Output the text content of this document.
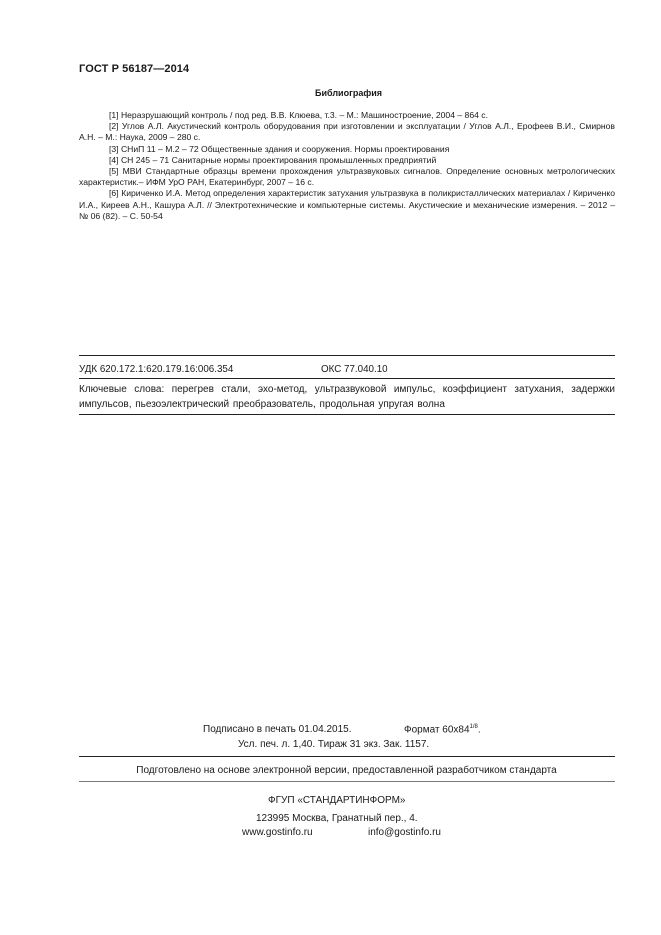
ГОСТ Р 56187—2014
Библиография

[1] Неразрушающий контроль / под ред. В.В. Клюева, т.3. – М.: Машиностроение, 2004 – 864 с.

[2] Углов А.Л. Акустический контроль оборудования при изготовлении и эксплуатации / Углов А.Л., Ерофеев В.И., Смирнов А.Н. – М.: Наука, 2009 – 280 с.

[3] СНиП 11 – М.2 – 72 Общественные здания и сооружения. Нормы проектирования

[4] СН 245 – 71 Санитарные нормы проектирования промышленных предприятий

[5] МВИ Стандартные образцы времени прохождения ультразвуковых сигналов. Определение основных метрологических характеристик.– ИФМ УрО РАН, Екатеринбург, 2007 – 16 с.

[6] Кириченко И.А. Метод определения характеристик затухания ультразвука в поликристаллических материалах / Кириченко И.А., Киреев А.Н., Кашура А.Л. // Электротехнические и компьютерные системы. Акустические и механические измерения. – 2012 – № 06 (82). – С. 50-54

УДК 620.172.1:620.179.16:006.354	ОКС 77.040.10
Ключевые слова: перегрев стали, эхо-метод, ультразвуковой импульс, коэффициент затухания, задержки импульсов, пьезоэлектрический преобразователь, продольная упругая волна
Подписано в печать 01.04.2015.	Формат $60х84^{1/8}$.
Усл. печ. л. 1,40. Тираж 31 экз. Зак. 1157.
Подготовлено на основе электронной версии, предоставленной разработчиком стандарта
ФГУП «СТАНДАРТИНФОРМ»
123995 Москва, Гранатный пер., 4.
www.gostinfo.ru	info@gostinfo.ru
